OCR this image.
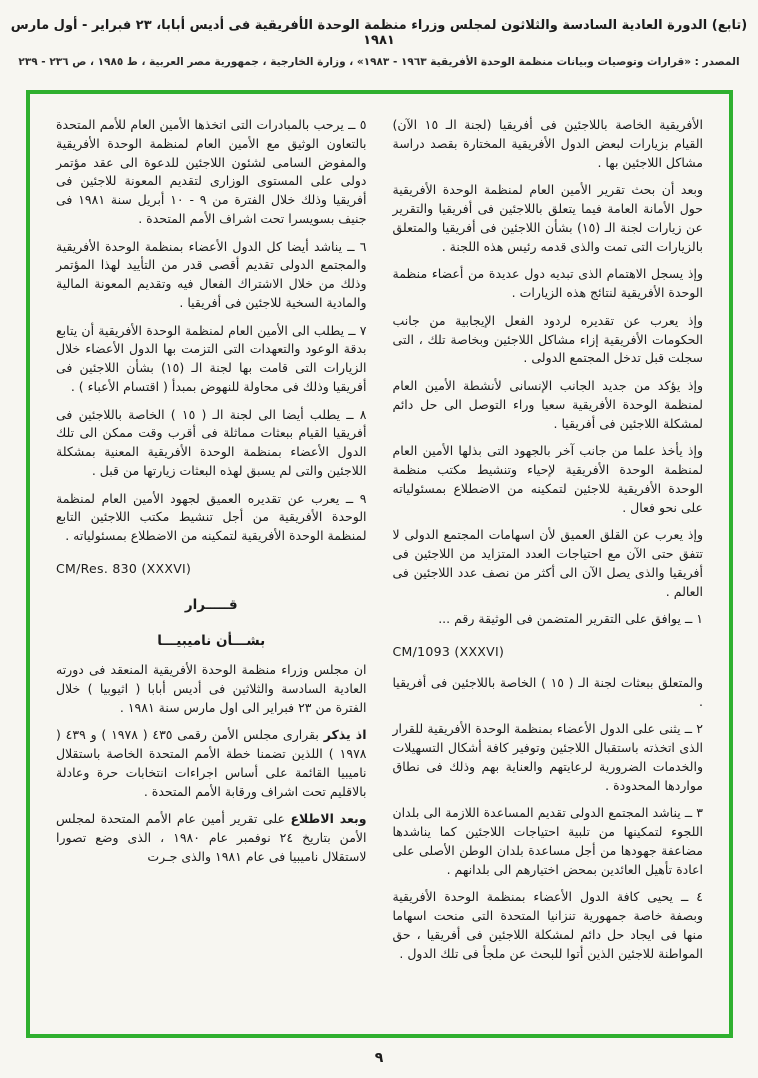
(تابع) الدورة العادية السادسة والثلاثون لمجلس وزراء منظمة الوحدة الأفريقية فى أديس أبابا، ٢٣ فبراير - أول مارس ١٩٨١
المصدر : «قرارات وتوصيات وبيانات منظمة الوحدة الأفريقية ١٩٦٣ - ١٩٨٣» ، وزارة الخارجية ، جمهورية مصر العربية ، ط ١٩٨٥ ، ص ٢٣٦ - ٢٣٩

الأفريقية الخاصة باللاجئين فى أفريقيا (لجنة الـ ١٥ الآن) القيام بزيارات لبعض الدول الأفريقية المختارة بقصد دراسة مشاكل اللاجئين بها .

وبعد أن بحث تقرير الأمين العام لمنظمة الوحدة الأفريقية حول الأمانة العامة فيما يتعلق باللاجئين فى أفريقيا والتقرير عن زيارات لجنة الـ (١٥) بشأن اللاجئين فى أفريقيا والمتعلق بالزيارات التى تمت والذى قدمه رئيس هذه اللجنة .

وإذ يسجل الاهتمام الذى تبديه دول عديدة من أعضاء منظمة الوحدة الأفريقية لنتائج هذه الزيارات .

وإذ يعرب عن تقديره لردود الفعل الإيجابية من جانب الحكومات الأفريقية إزاء مشاكل اللاجئين وبخاصة تلك ، التى سجلت قبل تدخل المجتمع الدولى .

وإذ يؤكد من جديد الجانب الإنسانى لأنشطة الأمين العام لمنظمة الوحدة الأفريقية سعيا وراء التوصل الى حل دائم لمشكلة اللاجئين فى أفريقيا .

وإذ يأخذ علما من جانب آخر بالجهود التى بذلها الأمين العام لمنظمة الوحدة الأفريقية لإحياء وتنشيط مكتب منظمة الوحدة الأفريقية للاجئين لتمكينه من الاضطلاع بمسئولياته على نحو فعال .

وإذ يعرب عن القلق العميق لأن اسهامات المجتمع الدولى لا تتفق حتى الآن مع احتياجات العدد المتزايد من اللاجئين فى أفريقيا والذى يصل الآن الى أكثر من نصف عدد اللاجئين فى العالم .

١ ــ يوافق على التقرير المتضمن فى الوثيقة رقم ...

CM/1093 (XXXVI)

والمتعلق ببعثات لجنة الـ ( ١٥ ) الخاصة باللاجئين فى أفريقيا .

٢ ــ يثنى على الدول الأعضاء بمنظمة الوحدة الأفريقية للقرار الذى اتخذته باستقبال اللاجئين وتوفير كافة أشكال التسهيلات والخدمات الضرورية لرعايتهم والعناية بهم وذلك فى نطاق مواردها المحدودة .

٣ ــ يناشد المجتمع الدولى تقديم المساعدة اللازمة الى بلدان اللجوء لتمكينها من تلبية احتياجات اللاجئين كما يناشدها مضاعفة جهودها من أجل مساعدة بلدان الوطن الأصلى على اعادة تأهيل العائدين بمحض اختيارهم الى بلدانهم .

٤ ــ يحيى كافة الدول الأعضاء بمنظمة الوحدة الأفريقية وبصفة خاصة جمهورية تنزانيا المتحدة التى منحت اسهاما منها فى ايجاد حل دائم لمشكلة اللاجئين فى أفريقيا ، حق المواطنة للاجئين الذين أتوا للبحث عن ملجأ فى تلك الدول .

٥ ــ يرحب بالمبادرات التى اتخذها الأمين العام للأمم المتحدة بالتعاون الوثيق مع الأمين العام لمنظمة الوحدة الأفريقية والمفوض السامى لشئون اللاجئين للدعوة الى عقد مؤتمر دولى على المستوى الوزارى لتقديم المعونة للاجئين فى أفريقيا وذلك خلال الفترة من ٩ - ١٠ أبريل سنة ١٩٨١ فى جنيف بسويسرا تحت اشراف الأمم المتحدة .

٦ ــ يناشد أيضا كل الدول الأعضاء بمنظمة الوحدة الأفريقية والمجتمع الدولى تقديم أقصى قدر من التأييد لهذا المؤتمر وذلك من خلال الاشتراك الفعال فيه وتقديم المعونة المالية والمادية السخية للاجئين فى أفريقيا .

٧ ــ يطلب الى الأمين العام لمنظمة الوحدة الأفريقية أن يتابع بدقة الوعود والتعهدات التى التزمت بها الدول الأعضاء خلال الزيارات التى قامت بها لجنة الـ (١٥) بشأن اللاجئين فى أفريقيا وذلك فى محاولة للنهوض بمبدأ ( اقتسام الأعباء ) .

٨ ــ يطلب أيضا الى لجنة الـ ( ١٥ ) الخاصة باللاجئين فى أفريقيا القيام ببعثات مماثلة فى أقرب وقت ممكن الى تلك الدول الأعضاء بمنظمة الوحدة الأفريقية المعنية بمشكلة اللاجئين والتى لم يسبق لهذه البعثات زيارتها من قبل .

٩ ــ يعرب عن تقديره العميق لجهود الأمين العام لمنظمة الوحدة الأفريقية من أجل تنشيط مكتب اللاجئين التابع لمنظمة الوحدة الأفريقية لتمكينه من الاضطلاع بمسئولياته .

CM/Res. 830 (XXXVI)

قـــــرار

بشـــأن ناميبيـــا

ان مجلس وزراء منظمة الوحدة الأفريقية المنعقد فى دورته العادية السادسة والثلاثين فى أديس أبابا ( اثيوبيا ) خلال الفترة من ٢٣ فبراير الى اول مارس سنة ١٩٨١ .

اذ يذكر بقرارى مجلس الأمن رقمى ٤٣٥ ( ١٩٧٨ ) و ٤٣٩ ( ١٩٧٨ ) اللذين تضمنا خطة الأمم المتحدة الخاصة باستقلال ناميبيا القائمة على أساس اجراءات انتخابات حرة وعادلة بالاقليم تحت اشراف ورقابة الأمم المتحدة .

وبعد الاطلاع على تقرير أمين عام الأمم المتحدة لمجلس الأمن بتاريخ ٢٤ نوفمبر عام ١٩٨٠ ، الذى وضع تصورا لاستقلال ناميبيا فى عام ١٩٨١ والذى جـرت

٩
